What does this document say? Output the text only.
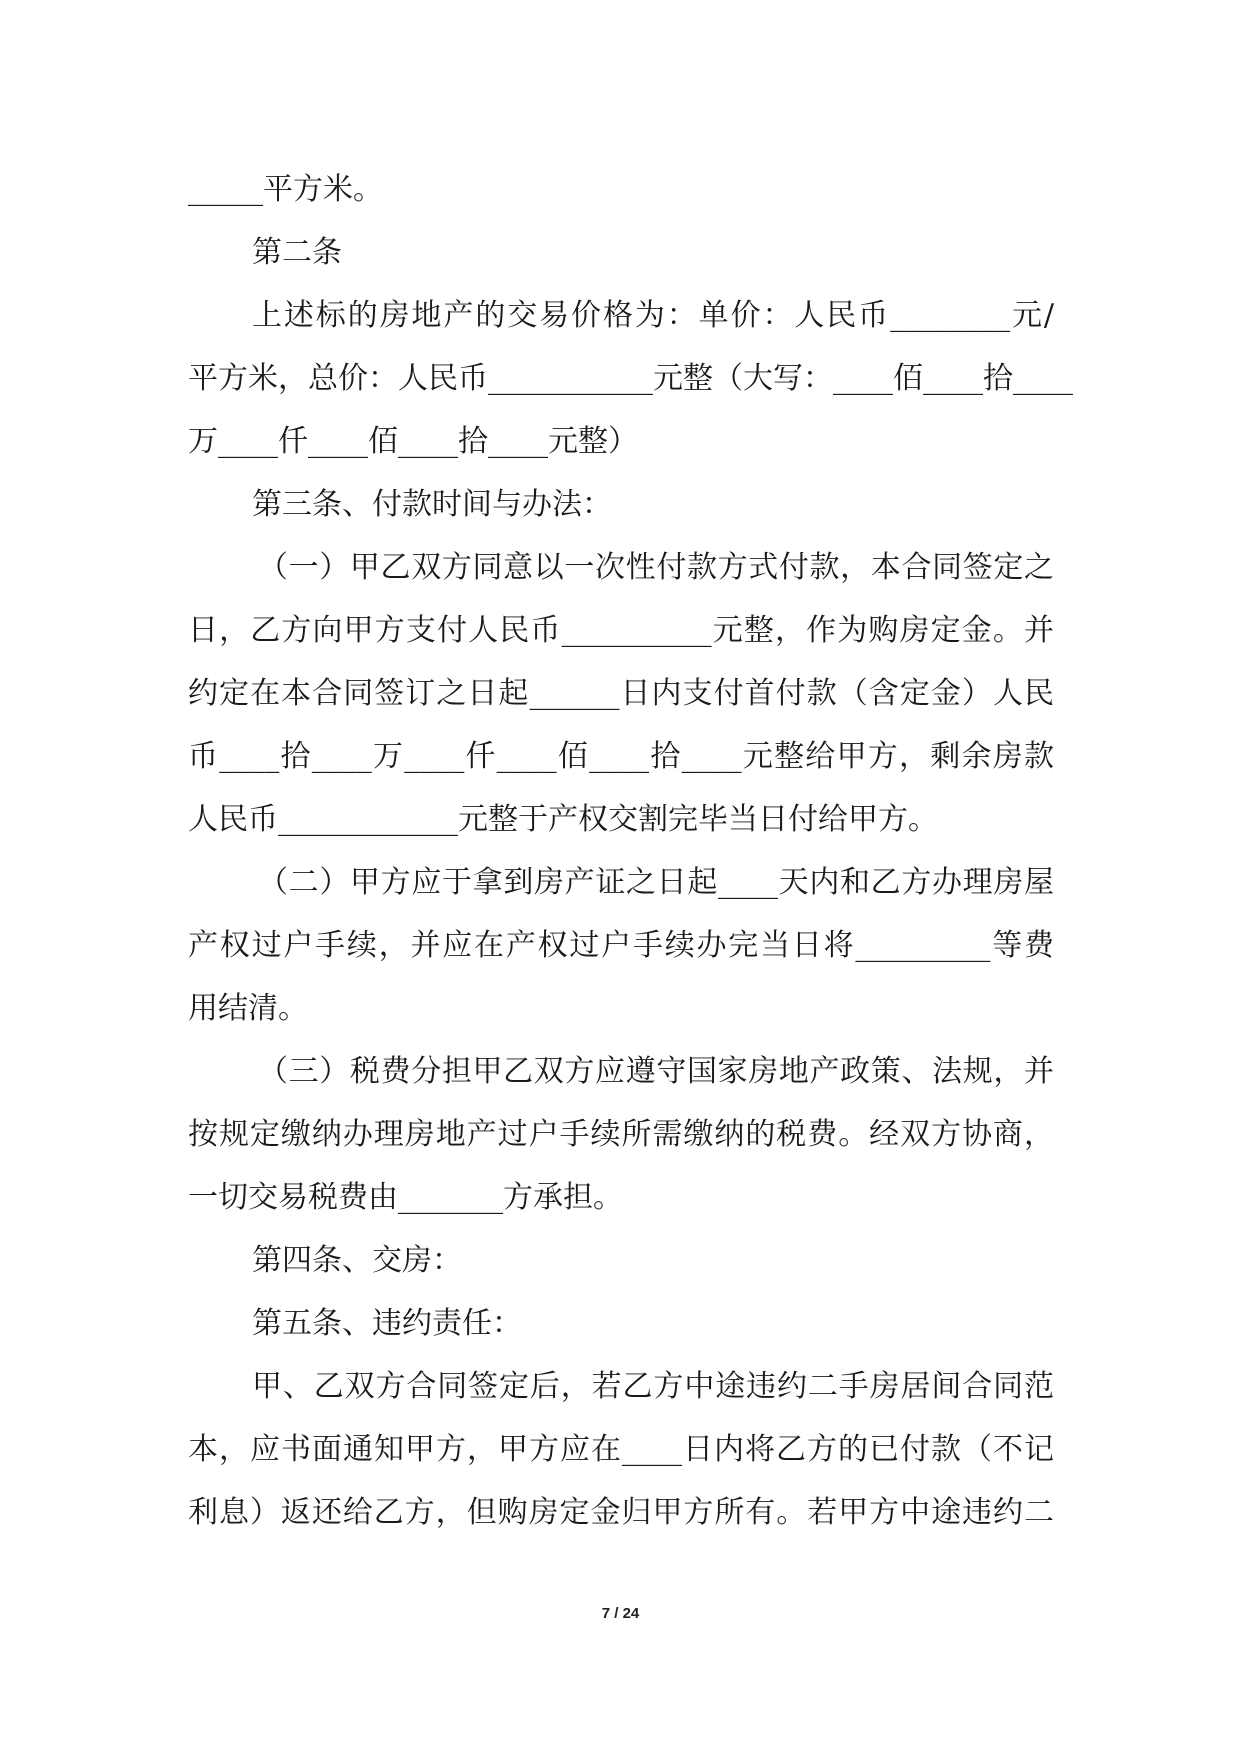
_____平方米。

第二条

上述标的房地产的交易价格为：单价：人民币________元/

平方米，总价：人民币___________元整（大写：____佰____拾____

万____仟____佰____拾____元整）

第三条、付款时间与办法：

（一）甲乙双方同意以一次性付款方式付款，本合同签定之

日，乙方向甲方支付人民币__________元整，作为购房定金。并

约定在本合同签订之日起______日内支付首付款（含定金）人民

币____拾____万____仟____佰____拾____元整给甲方，剩余房款

人民币____________元整于产权交割完毕当日付给甲方。

（二）甲方应于拿到房产证之日起____天内和乙方办理房屋

产权过户手续，并应在产权过户手续办完当日将_________等费

用结清。

（三）税费分担甲乙双方应遵守国家房地产政策、法规，并

按规定缴纳办理房地产过户手续所需缴纳的税费。经双方协商，

一切交易税费由_______方承担。

第四条、交房：

第五条、违约责任：

甲、乙双方合同签定后，若乙方中途违约二手房居间合同范

本，应书面通知甲方，甲方应在____日内将乙方的已付款（不记

利息）返还给乙方，但购房定金归甲方所有。若甲方中途违约二

7 / 24
